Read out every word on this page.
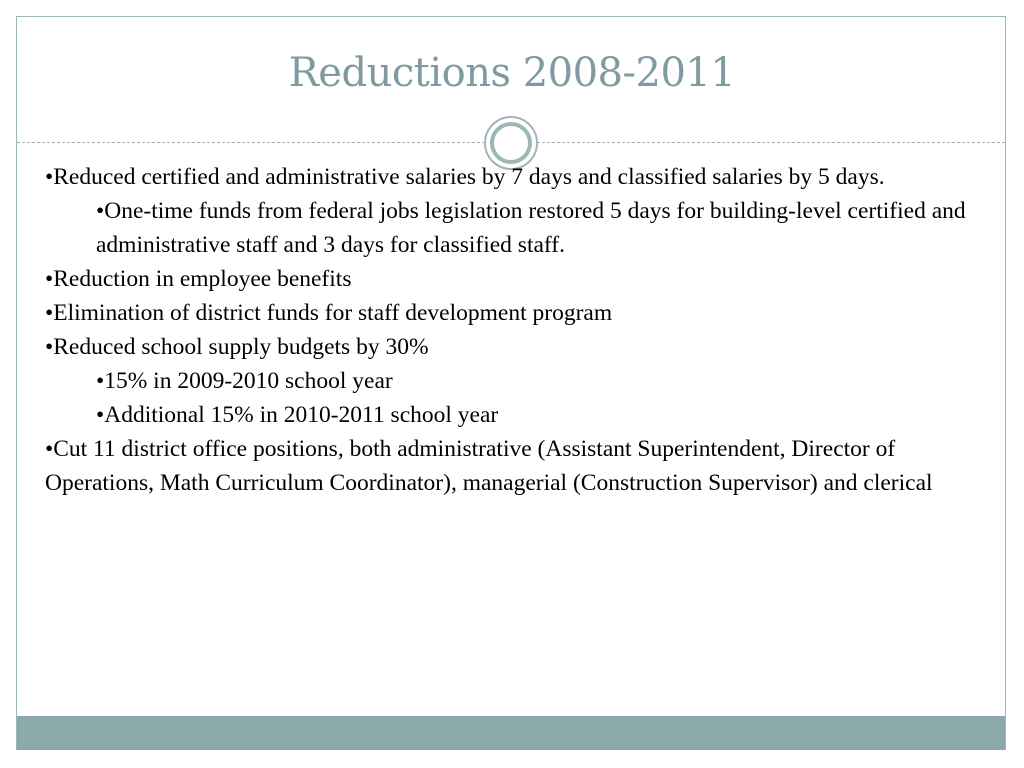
Reductions 2008-2011

•Reduced certified and administrative salaries by 7 days and classified salaries by 5 days.

•One-time funds from federal jobs legislation restored 5 days for building-level certified and administrative staff and 3 days for classified staff.

•Reduction in employee benefits

•Elimination of district funds for staff development program

•Reduced school supply budgets by 30%

•15% in 2009-2010 school year

•Additional 15% in 2010-2011 school year

•Cut 11 district office positions, both administrative (Assistant Superintendent, Director of Operations, Math Curriculum Coordinator), managerial (Construction Supervisor) and clerical
